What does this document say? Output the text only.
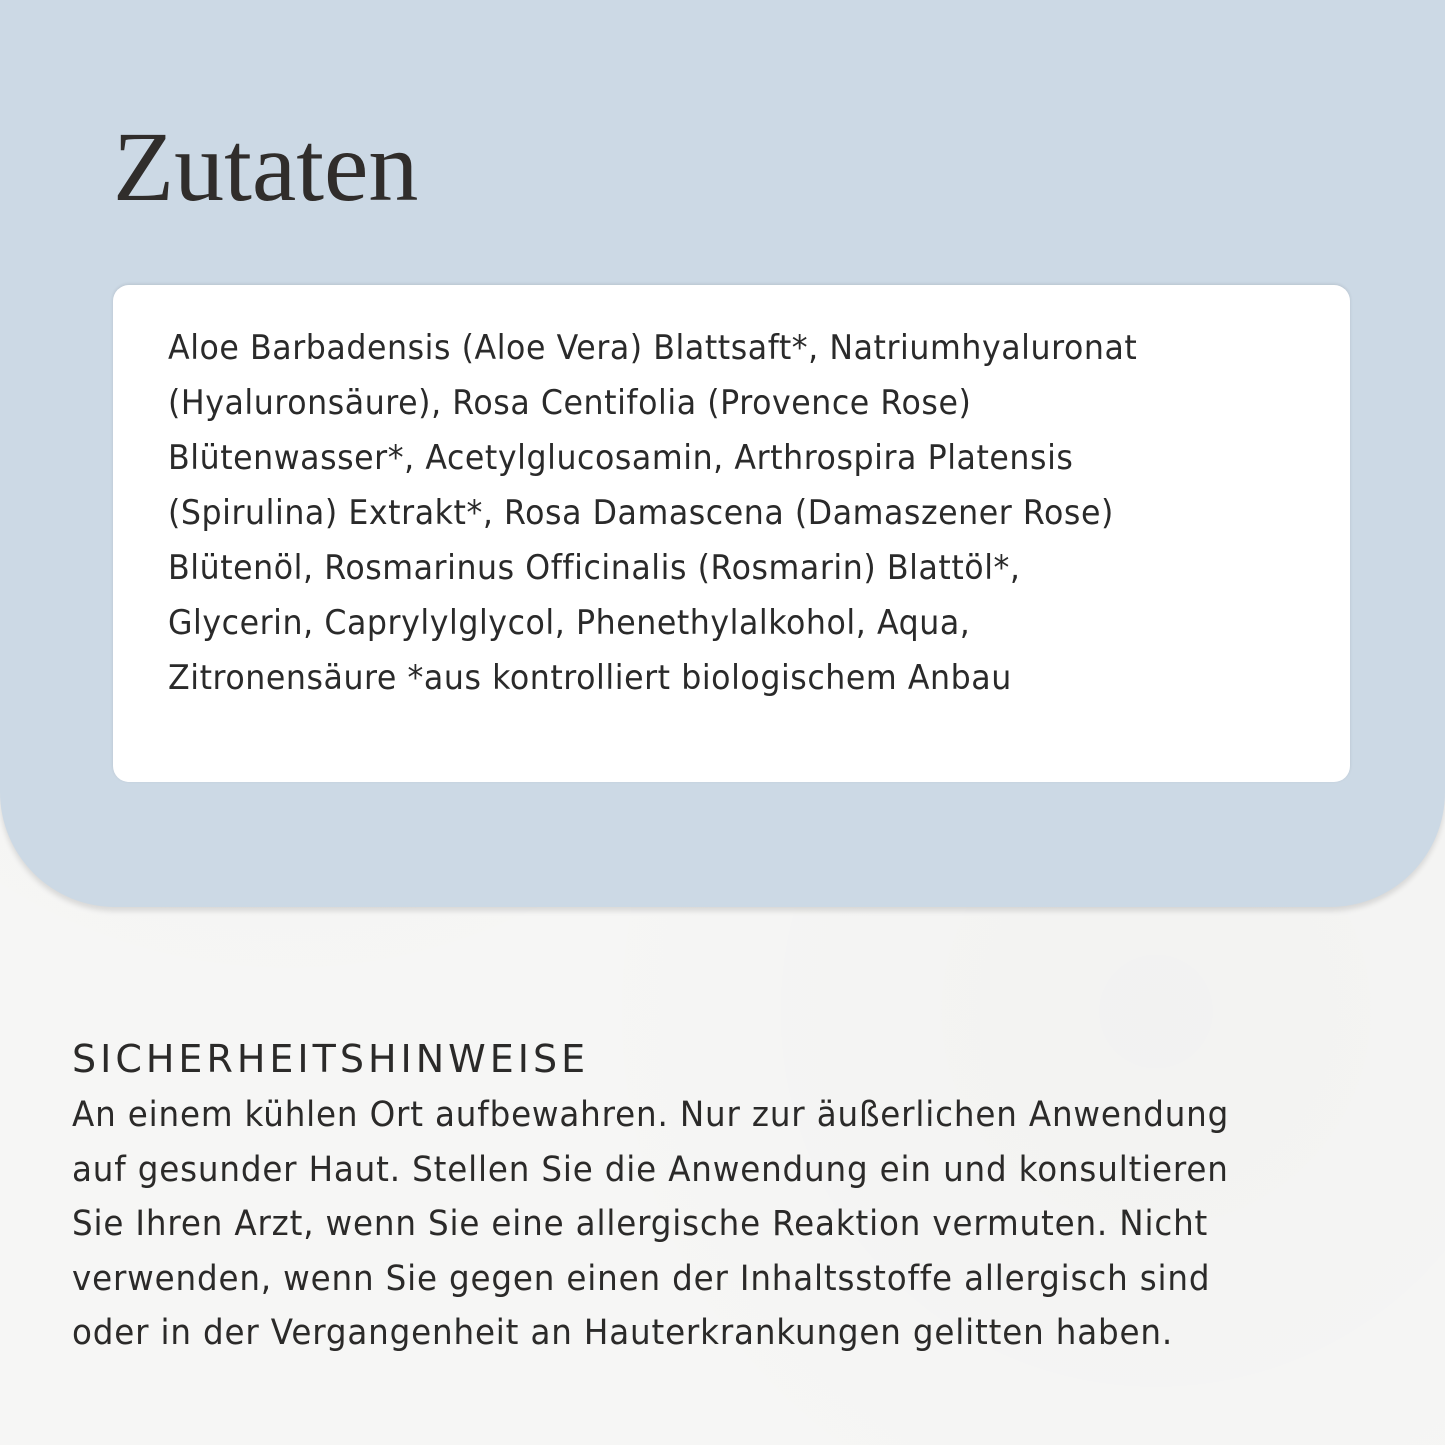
Zutaten

Aloe Barbadensis (Aloe Vera) Blattsaft*, Natriumhyaluronat
(Hyaluronsäure), Rosa Centifolia (Provence Rose)
Blütenwasser*, Acetylglucosamin, Arthrospira Platensis
(Spirulina) Extrakt*, Rosa Damascena (Damaszener Rose)
Blütenöl, Rosmarinus Officinalis (Rosmarin) Blattöl*,
Glycerin, Caprylylglycol, Phenethylalkohol, Aqua,
Zitronensäure *aus kontrolliert biologischem Anbau

SICHERHEITSHINWEISE

An einem kühlen Ort aufbewahren. Nur zur äußerlichen Anwendung
auf gesunder Haut. Stellen Sie die Anwendung ein und konsultieren
Sie Ihren Arzt, wenn Sie eine allergische Reaktion vermuten. Nicht
verwenden, wenn Sie gegen einen der Inhaltsstoffe allergisch sind
oder in der Vergangenheit an Hauterkrankungen gelitten haben.
